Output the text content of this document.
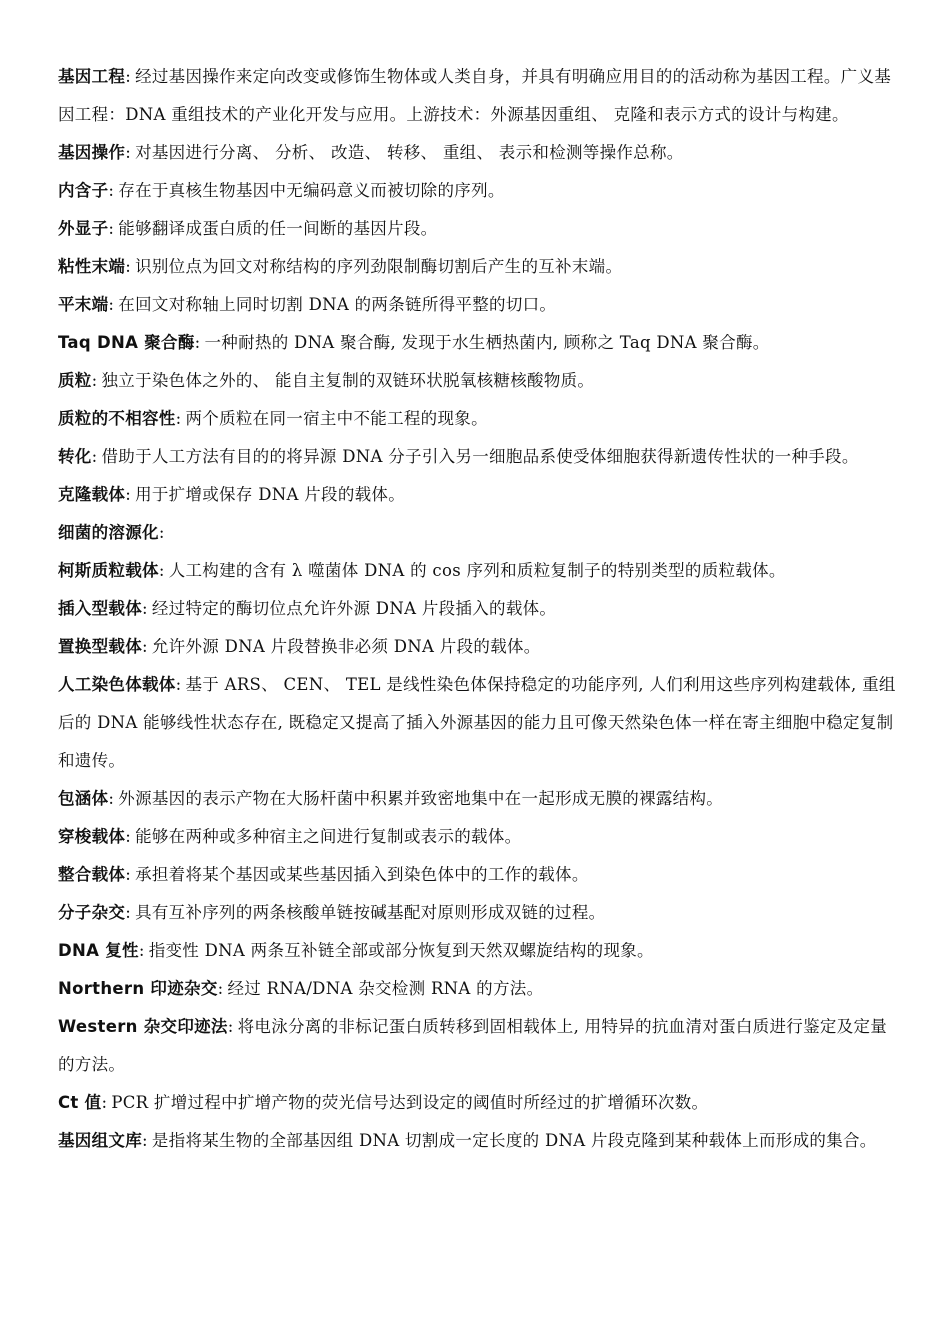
基因工程: 经过基因操作来定向改变或修饰生物体或人类自身，并具有明确应用目的的活动称为基因工程。广义基因工程：DNA 重组技术的产业化开发与应用。上游技术：外源基因重组、 克隆和表示方式的设计与构建。

基因操作: 对基因进行分离、 分析、 改造、 转移、 重组、 表示和检测等操作总称。

内含子: 存在于真核生物基因中无编码意义而被切除的序列。

外显子: 能够翻译成蛋白质的任一间断的基因片段。

粘性末端: 识别位点为回文对称结构的序列劲限制酶切割后产生的互补末端。

平末端: 在回文对称轴上同时切割 DNA 的两条链所得平整的切口。

Taq DNA 聚合酶: 一种耐热的 DNA 聚合酶, 发现于水生栖热菌内, 顾称之 Taq DNA 聚合酶。

质粒: 独立于染色体之外的、 能自主复制的双链环状脱氧核糖核酸物质。

质粒的不相容性: 两个质粒在同一宿主中不能工程的现象。

转化: 借助于人工方法有目的的将异源 DNA 分子引入另一细胞品系使受体细胞获得新遗传性状的一种手段。

克隆载体: 用于扩增或保存 DNA 片段的载体。

细菌的溶源化:

柯斯质粒载体: 人工构建的含有 λ 噬菌体 DNA 的 cos 序列和质粒复制子的特别类型的质粒载体。

插入型载体: 经过特定的酶切位点允许外源 DNA 片段插入的载体。

置换型载体: 允许外源 DNA 片段替换非必须 DNA 片段的载体。

人工染色体载体: 基于 ARS、 CEN、 TEL 是线性染色体保持稳定的功能序列, 人们利用这些序列构建载体, 重组后的 DNA 能够线性状态存在, 既稳定又提高了插入外源基因的能力且可像天然染色体一样在寄主细胞中稳定复制和遗传。

包涵体: 外源基因的表示产物在大肠杆菌中积累并致密地集中在一起形成无膜的裸露结构。

穿梭载体: 能够在两种或多种宿主之间进行复制或表示的载体。

整合载体: 承担着将某个基因或某些基因插入到染色体中的工作的载体。

分子杂交: 具有互补序列的两条核酸单链按碱基配对原则形成双链的过程。

DNA 复性: 指变性 DNA 两条互补链全部或部分恢复到天然双螺旋结构的现象。

Northern 印迹杂交: 经过 RNA/DNA 杂交检测 RNA 的方法。

Western 杂交印迹法: 将电泳分离的非标记蛋白质转移到固相载体上, 用特异的抗血清对蛋白质进行鉴定及定量的方法。

Ct 值: PCR 扩增过程中扩增产物的荧光信号达到设定的阈值时所经过的扩增循环次数。

基因组文库: 是指将某生物的全部基因组 DNA 切割成一定长度的 DNA 片段克隆到某种载体上而形成的集合。
